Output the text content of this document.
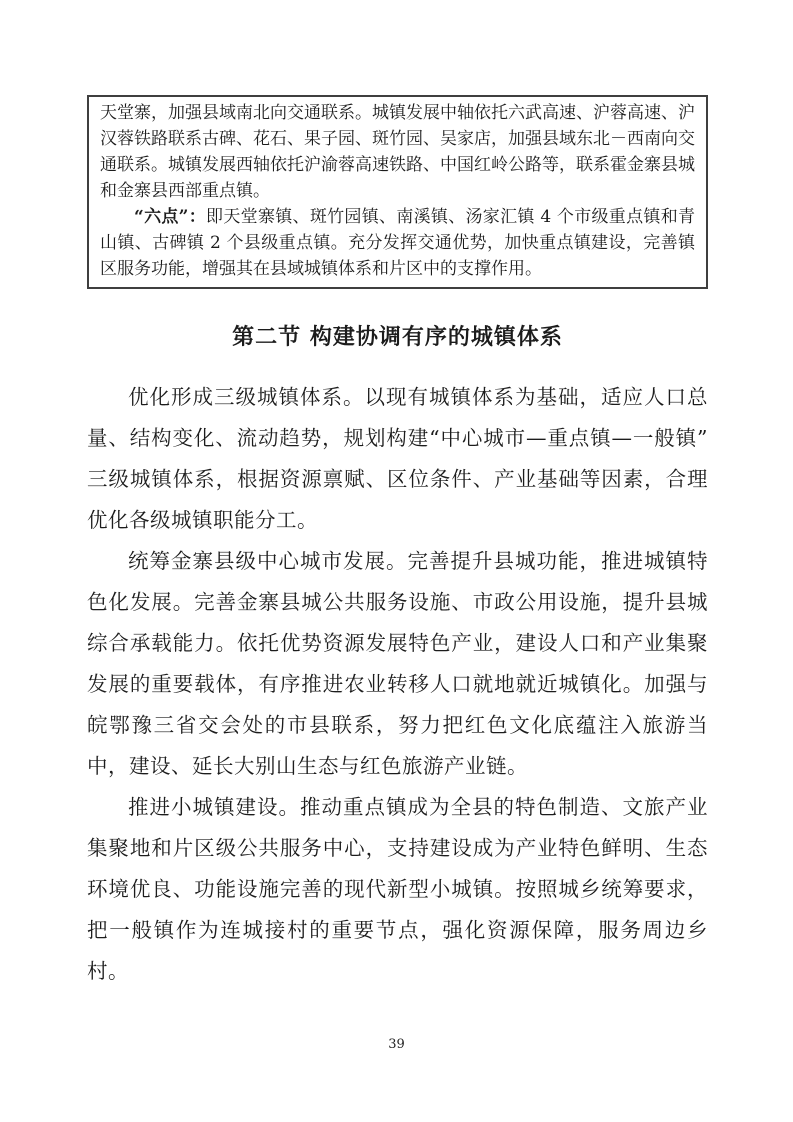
天堂寨，加强县域南北向交通联系。城镇发展中轴依托六武高速、沪蓉高速、沪汉蓉铁路联系古碑、花石、果子园、斑竹园、吴家店，加强县域东北－西南向交通联系。城镇发展西轴依托沪渝蓉高速铁路、中国红岭公路等，联系霍金寨县城和金寨县西部重点镇。

“六点”：即天堂寨镇、斑竹园镇、南溪镇、汤家汇镇 4 个市级重点镇和青山镇、古碑镇 2 个县级重点镇。充分发挥交通优势，加快重点镇建设，完善镇区服务功能，增强其在县域城镇体系和片区中的支撑作用。

第二节 构建协调有序的城镇体系

优化形成三级城镇体系。以现有城镇体系为基础，适应人口总量、结构变化、流动趋势，规划构建“中心城市—重点镇—一般镇”三级城镇体系，根据资源禀赋、区位条件、产业基础等因素，合理优化各级城镇职能分工。

统筹金寨县级中心城市发展。完善提升县城功能，推进城镇特色化发展。完善金寨县城公共服务设施、市政公用设施，提升县城综合承载能力。依托优势资源发展特色产业，建设人口和产业集聚发展的重要载体，有序推进农业转移人口就地就近城镇化。加强与皖鄂豫三省交会处的市县联系，努力把红色文化底蕴注入旅游当中，建设、延长大别山生态与红色旅游产业链。

推进小城镇建设。推动重点镇成为全县的特色制造、文旅产业集聚地和片区级公共服务中心，支持建设成为产业特色鲜明、生态环境优良、功能设施完善的现代新型小城镇。按照城乡统筹要求，把一般镇作为连城接村的重要节点，强化资源保障，服务周边乡村。

39
